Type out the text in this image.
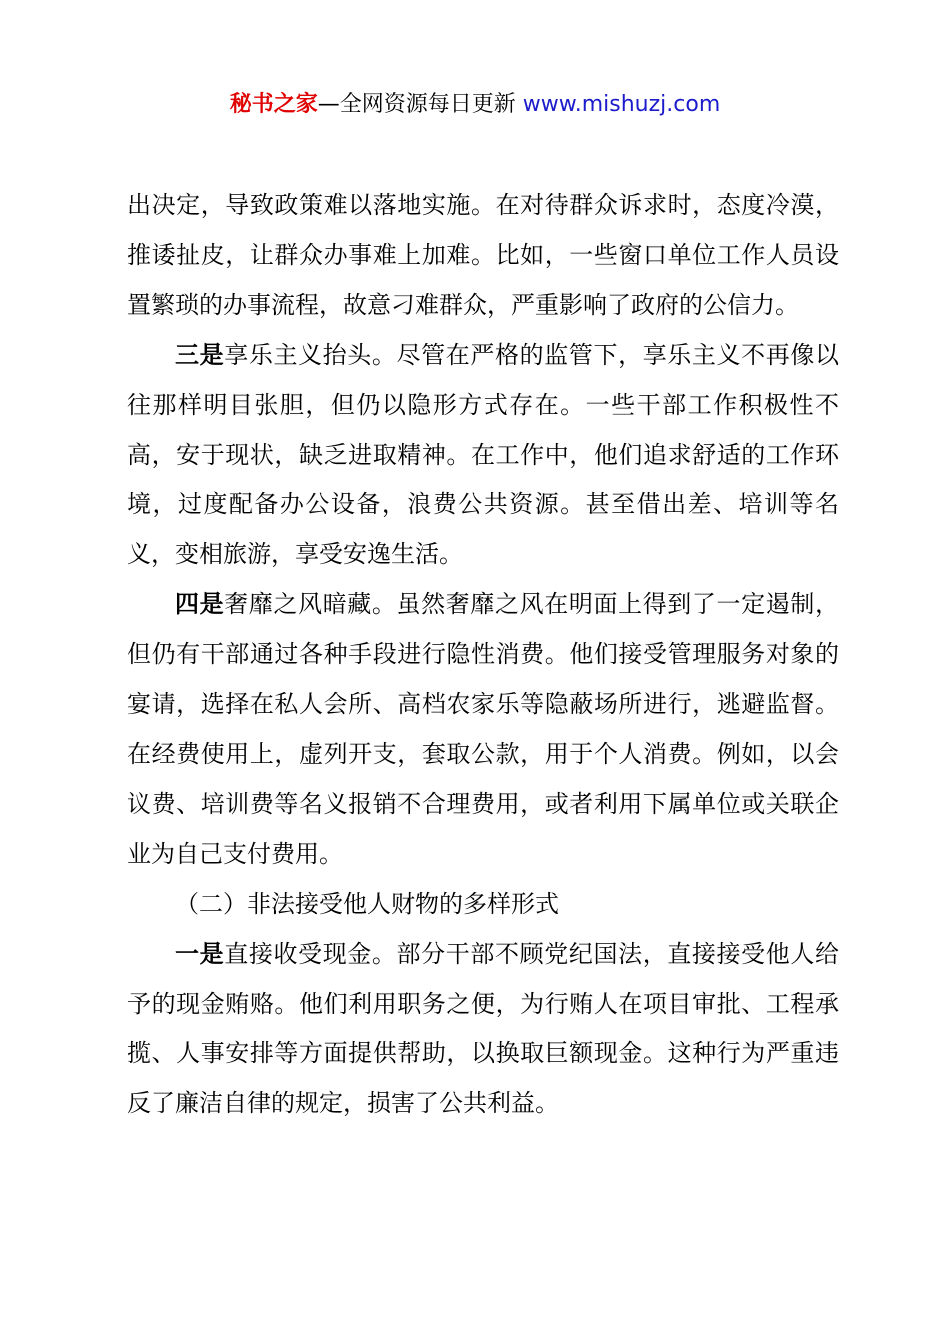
秘书之家—全网资源每日更新 www.mishuzj.com

出决定，导致政策难以落地实施。在对待群众诉求时，态度冷漠，推诿扯皮，让群众办事难上加难。比如，一些窗口单位工作人员设置繁琐的办事流程，故意刁难群众，严重影响了政府的公信力。

三是享乐主义抬头。尽管在严格的监管下，享乐主义不再像以往那样明目张胆，但仍以隐形方式存在。一些干部工作积极性不高，安于现状，缺乏进取精神。在工作中，他们追求舒适的工作环境，过度配备办公设备，浪费公共资源。甚至借出差、培训等名义，变相旅游，享受安逸生活。

四是奢靡之风暗藏。虽然奢靡之风在明面上得到了一定遏制，但仍有干部通过各种手段进行隐性消费。他们接受管理服务对象的宴请，选择在私人会所、高档农家乐等隐蔽场所进行，逃避监督。在经费使用上，虚列开支，套取公款，用于个人消费。例如，以会议费、培训费等名义报销不合理费用，或者利用下属单位或关联企业为自己支付费用。

（二）非法接受他人财物的多样形式

一是直接收受现金。部分干部不顾党纪国法，直接接受他人给予的现金贿赂。他们利用职务之便，为行贿人在项目审批、工程承揽、人事安排等方面提供帮助，以换取巨额现金。这种行为严重违反了廉洁自律的规定，损害了公共利益。
